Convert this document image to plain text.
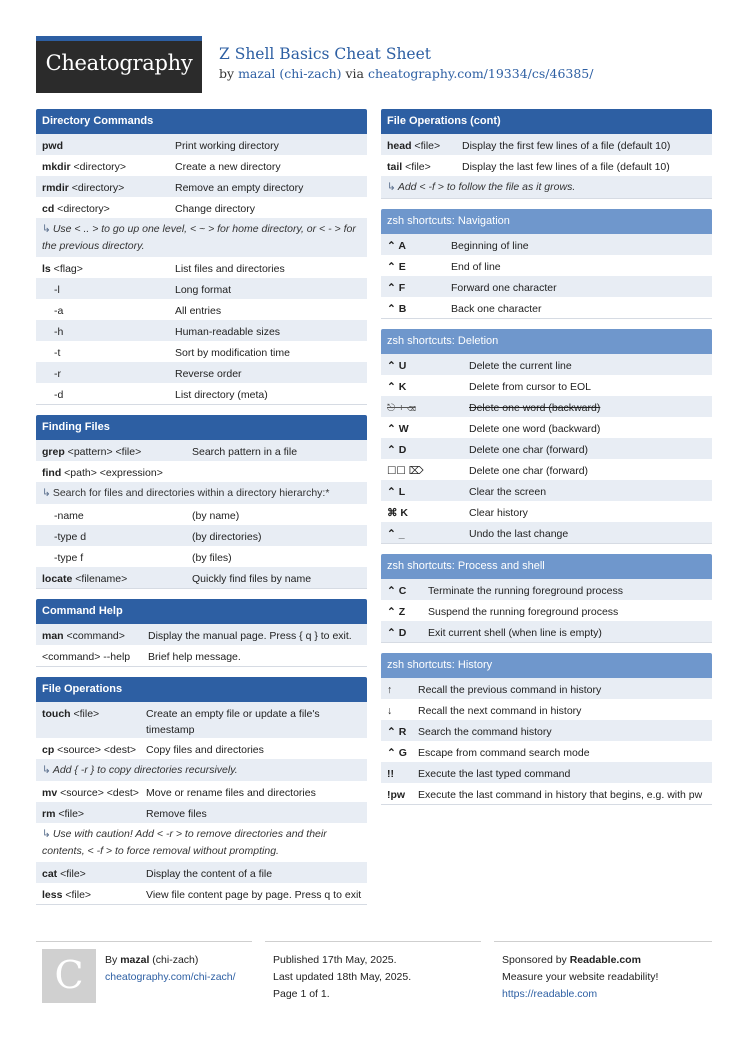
Cheatography	Z Shell Basics Cheat Sheet
by mazal (chi-zach) via cheatography.com/19334/cs/46385/
Directory Commands
pwd	Print working directory
mkdir <directory>	Create a new directory
rmdir <directory>	Remove an empty directory
cd <directory>	Change directory
↳ Use < .. > to go up one level, < ~ > for home directory, or < - > for the previous directory.
ls <flag>	List files and directories
-l	Long format
-a	All entries
-h	Human-readable sizes
-t	Sort by modification time
-r	Reverse order
-d	List directory (meta)
Finding Files
grep <pattern> <file>	Search pattern in a file
find <path> <expression>
↳ Search for files and directories within a directory hierarchy:*
-name	(by name)
-type d	(by directories)
-type f	(by files)
locate <filename>	Quickly find files by name
Command Help
man <command>	Display the manual page. Press { q } to exit.
<command> --help	Brief help message.
File Operations
touch <file>	Create an empty file or update a file's timestamp
cp <source> <dest> Copy files and directories
↳ Add { -r } to copy directories recursively.
mv <source> <dest> Move or rename files and directories
rm <file>	Remove files
↳ Use with caution! Add < -r > to remove directories and their contents, < -f > to force removal without prompting.
cat <file>	Display the content of a file
less <file>	View file content page by page. Press q to exit
File Operations (cont)
head <file>	Display the first few lines of a file (default 10)
tail <file>	Display the last few lines of a file (default 10)
↳ Add < -f > to follow the file as it grows.
zsh shortcuts: Navigation
⌃ A	Beginning of line
⌃ E	End of line
⌃ F	Forward one character
⌃ B	Back one character
zsh shortcuts: Deletion
⌃ U	Delete the current line
⌃ K	Delete from cursor to EOL
⎋ + ⌫	Delete one word (backward)
⌃ W	Delete one word (backward)
⌃ D	Delete one char (forward)
☐☐ ⌦	Delete one char (forward)
⌃ L	Clear the screen
⌘ K	Clear history
⌃ _	Undo the last change
zsh shortcuts: Process and shell
⌃ C	Terminate the running foreground process
⌃ Z	Suspend the running foreground process
⌃ D	Exit current shell (when line is empty)
zsh shortcuts: History
↑	Recall the previous command in history
↓	Recall the next command in history
⌃ R	Search the command history
⌃ G	Escape from command search mode
!!	Execute the last typed command
!pw	Execute the last command in history that begins, e.g. with pw
C	By mazal (chi-zach)
cheatography.com/chi-zach/
Published 17th May, 2025.
Last updated 18th May, 2025.
Page 1 of 1.
Sponsored by Readable.com
Measure your website readability!
https://readable.com
